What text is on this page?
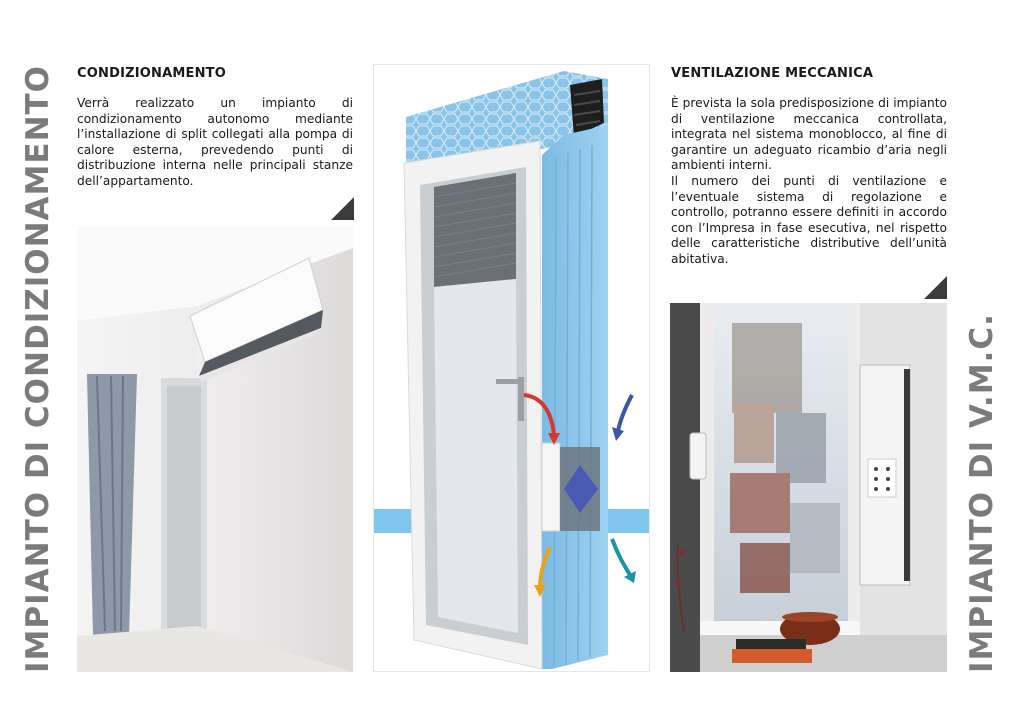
IMPIANTO DI CONDIZIONAMENTO	IMPIANTO DI V.M.C.
CONDIZIONAMENTO

Verrà realizzato un impianto di condizionamento autonomo mediante l’installazione di split collegati alla pompa di calore esterna, prevedendo punti di distribuzione interna nelle principali stanze dell’appartamento.

VENTILAZIONE MECCANICA

È prevista la sola predisposizione di impianto di ventilazione meccanica controllata, integrata nel sistema monoblocco, al fine di garantire un adeguato ricambio d’aria negli ambienti interni.

Il numero dei punti di ventilazione e l’eventuale sistema di regolazione e controllo, potranno essere definiti in accordo con l’Impresa in fase esecutiva, nel rispetto delle caratteristiche distributive dell’unità abitativa.
